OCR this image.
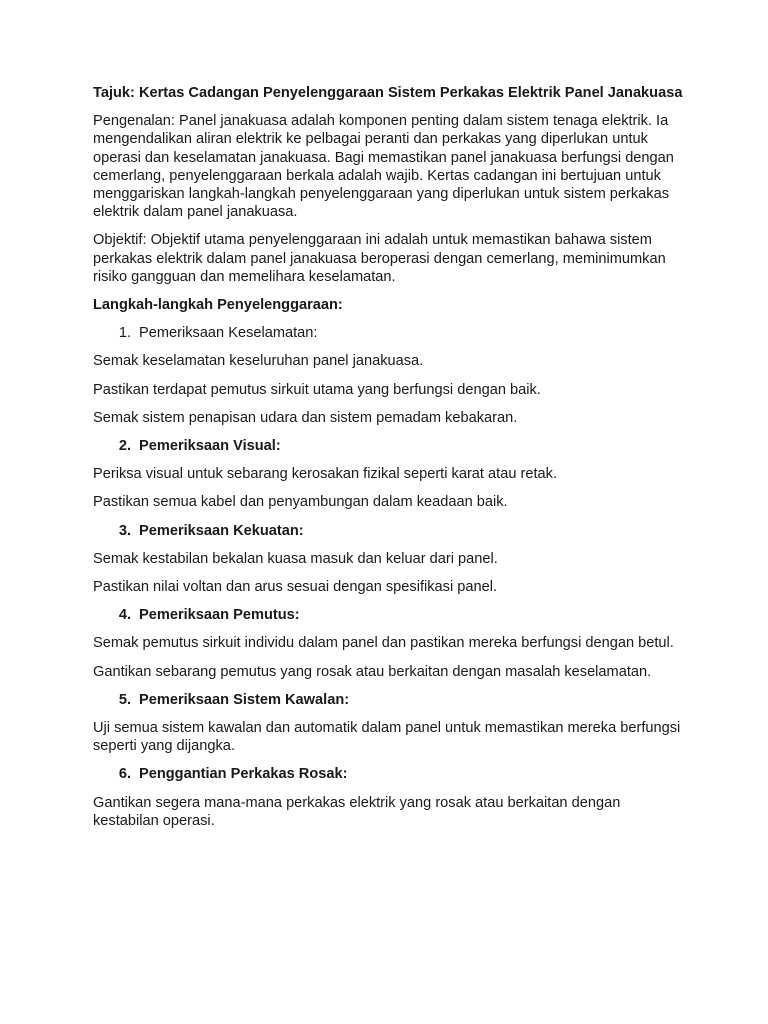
Tajuk: Kertas Cadangan Penyelenggaraan Sistem Perkakas Elektrik Panel Janakuasa

Pengenalan: Panel janakuasa adalah komponen penting dalam sistem tenaga elektrik. Ia mengendalikan aliran elektrik ke pelbagai peranti dan perkakas yang diperlukan untuk operasi dan keselamatan janakuasa. Bagi memastikan panel janakuasa berfungsi dengan cemerlang, penyelenggaraan berkala adalah wajib. Kertas cadangan ini bertujuan untuk menggariskan langkah-langkah penyelenggaraan yang diperlukan untuk sistem perkakas elektrik dalam panel janakuasa.

Objektif: Objektif utama penyelenggaraan ini adalah untuk memastikan bahawa sistem perkakas elektrik dalam panel janakuasa beroperasi dengan cemerlang, meminimumkan risiko gangguan dan memelihara keselamatan.

Langkah-langkah Penyelenggaraan:

1. Pemeriksaan Keselamatan:

Semak keselamatan keseluruhan panel janakuasa.

Pastikan terdapat pemutus sirkuit utama yang berfungsi dengan baik.

Semak sistem penapisan udara dan sistem pemadam kebakaran.

2. Pemeriksaan Visual:

Periksa visual untuk sebarang kerosakan fizikal seperti karat atau retak.

Pastikan semua kabel dan penyambungan dalam keadaan baik.

3. Pemeriksaan Kekuatan:

Semak kestabilan bekalan kuasa masuk dan keluar dari panel.

Pastikan nilai voltan dan arus sesuai dengan spesifikasi panel.

4. Pemeriksaan Pemutus:

Semak pemutus sirkuit individu dalam panel dan pastikan mereka berfungsi dengan betul.

Gantikan sebarang pemutus yang rosak atau berkaitan dengan masalah keselamatan.

5. Pemeriksaan Sistem Kawalan:

Uji semua sistem kawalan dan automatik dalam panel untuk memastikan mereka berfungsi seperti yang dijangka.

6. Penggantian Perkakas Rosak:

Gantikan segera mana-mana perkakas elektrik yang rosak atau berkaitan dengan kestabilan operasi.
